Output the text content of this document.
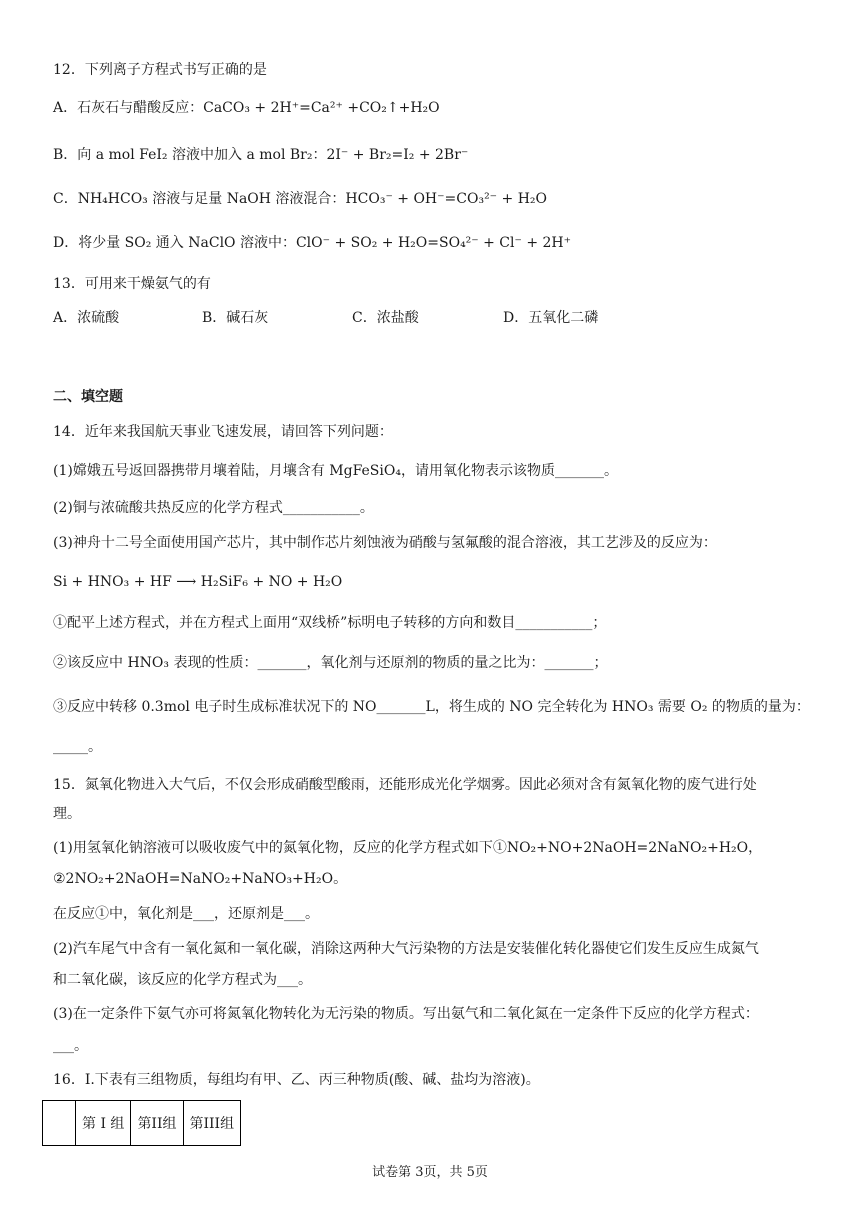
12．下列离子方程式书写正确的是
A．石灰石与醋酸反应：CaCO₃ + 2H⁺=Ca²⁺ +CO₂↑+H₂O
B．向 a mol FeI₂ 溶液中加入 a mol Br₂：2I⁻ + Br₂=I₂ + 2Br⁻
C．NH₄HCO₃ 溶液与足量 NaOH 溶液混合：HCO₃⁻ + OH⁻=CO₃²⁻ + H₂O
D．将少量 SO₂ 通入 NaClO 溶液中：ClO⁻ + SO₂ + H₂O=SO₄²⁻ + Cl⁻ + 2H⁺
13．可用来干燥氨气的有
A．浓硫酸	B．碱石灰	C．浓盐酸	D．五氧化二磷
二、填空题
14．近年来我国航天事业飞速发展，请回答下列问题：
(1)嫦娥五号返回器携带月壤着陆，月壤含有 MgFeSiO₄，请用氧化物表示该物质_______。
(2)铜与浓硫酸共热反应的化学方程式___________。
(3)神舟十二号全面使用国产芯片，其中制作芯片刻蚀液为硝酸与氢氟酸的混合溶液，其工艺涉及的反应为：
Si + HNO₃ + HF ⟶ H₂SiF₆ + NO + H₂O
①配平上述方程式，并在方程式上面用“双线桥”标明电子转移的方向和数目___________；
②该反应中 HNO₃ 表现的性质：_______，氧化剂与还原剂的物质的量之比为：_______；
③反应中转移 0.3mol 电子时生成标准状况下的 NO_______L，将生成的 NO 完全转化为 HNO₃ 需要 O₂ 的物质的量为：
_____。
15．氮氧化物进入大气后，不仅会形成硝酸型酸雨，还能形成光化学烟雾。因此必须对含有氮氧化物的废气进行处
理。
(1)用氢氧化钠溶液可以吸收废气中的氮氧化物，反应的化学方程式如下①NO₂+NO+2NaOH=2NaNO₂+H₂O，
②2NO₂+2NaOH=NaNO₂+NaNO₃+H₂O。
在反应①中，氧化剂是___，还原剂是___。
(2)汽车尾气中含有一氧化氮和一氧化碳，消除这两种大气污染物的方法是安装催化转化器使它们发生反应生成氮气
和二氧化碳，该反应的化学方程式为___。
(3)在一定条件下氨气亦可将氮氧化物转化为无污染的物质。写出氨气和二氧化氮在一定条件下反应的化学方程式：
___。
16．I.下表有三组物质，每组均有甲、乙、丙三种物质(酸、碱、盐均为溶液)。
	第 I 组	第II组	第III组
试卷第 3页，共 5页
